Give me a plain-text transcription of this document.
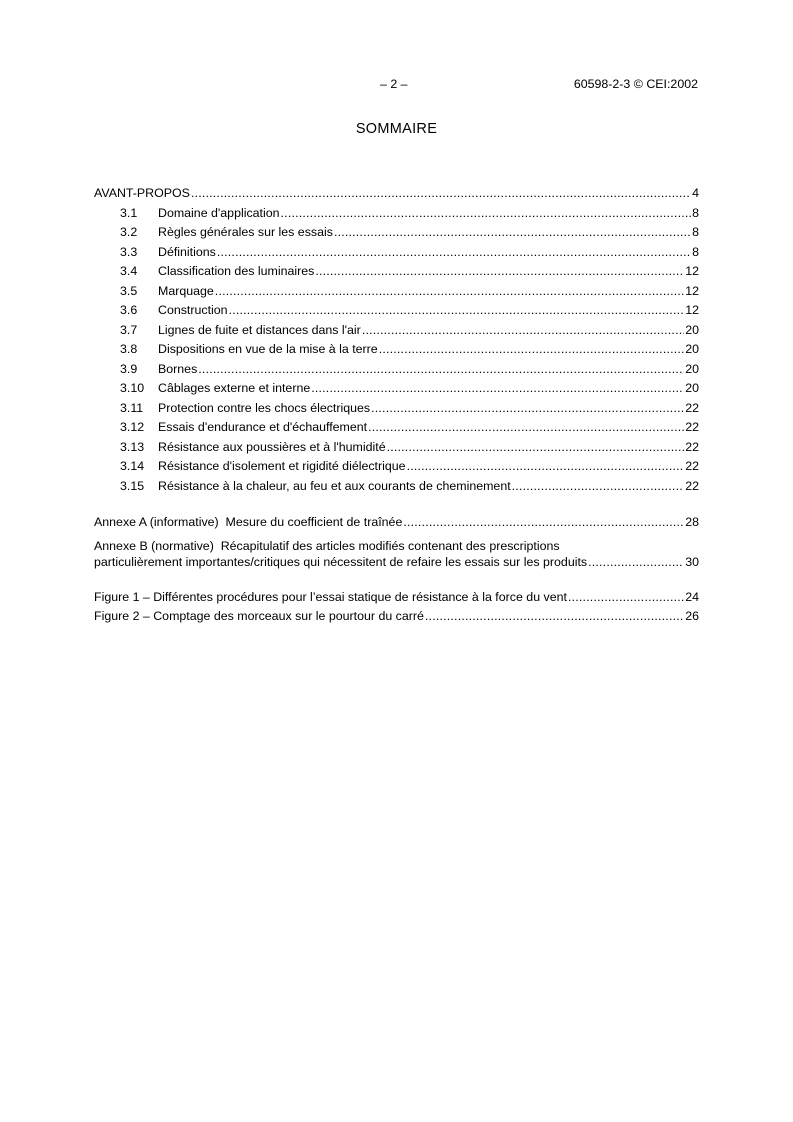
– 2 –	60598-2-3 © CEI:2002
SOMMAIRE
AVANT-PROPOS .....	4
3.1	Domaine d'application .....	8
3.2	Règles générales sur les essais .....	8
3.3	Définitions .....	8
3.4	Classification des luminaires .....	12
3.5	Marquage .....	12
3.6	Construction .....	12
3.7	Lignes de fuite et distances dans l'air .....	20
3.8	Dispositions en vue de la mise à la terre .....	20
3.9	Bornes .....	20
3.10	Câblages externe et interne .....	20
3.11	Protection contre les chocs électriques .....	22
3.12	Essais d'endurance et d'échauffement .....	22
3.13	Résistance aux poussières et à l'humidité .....	22
3.14	Résistance d'isolement et rigidité diélectrique .....	22
3.15	Résistance à la chaleur, au feu et aux courants de cheminement .....	22
Annexe A (informative)  Mesure du coefficient de traînée .....	28
Annexe B (normative)  Récapitulatif des articles modifiés contenant des prescriptions
particulièrement importantes/critiques qui nécessitent de refaire les essais sur les produits .....	30
Figure 1 – Différentes procédures pour l’essai statique de résistance à la force du vent .....	24
Figure 2 – Comptage des morceaux sur le pourtour du carré .....	26
